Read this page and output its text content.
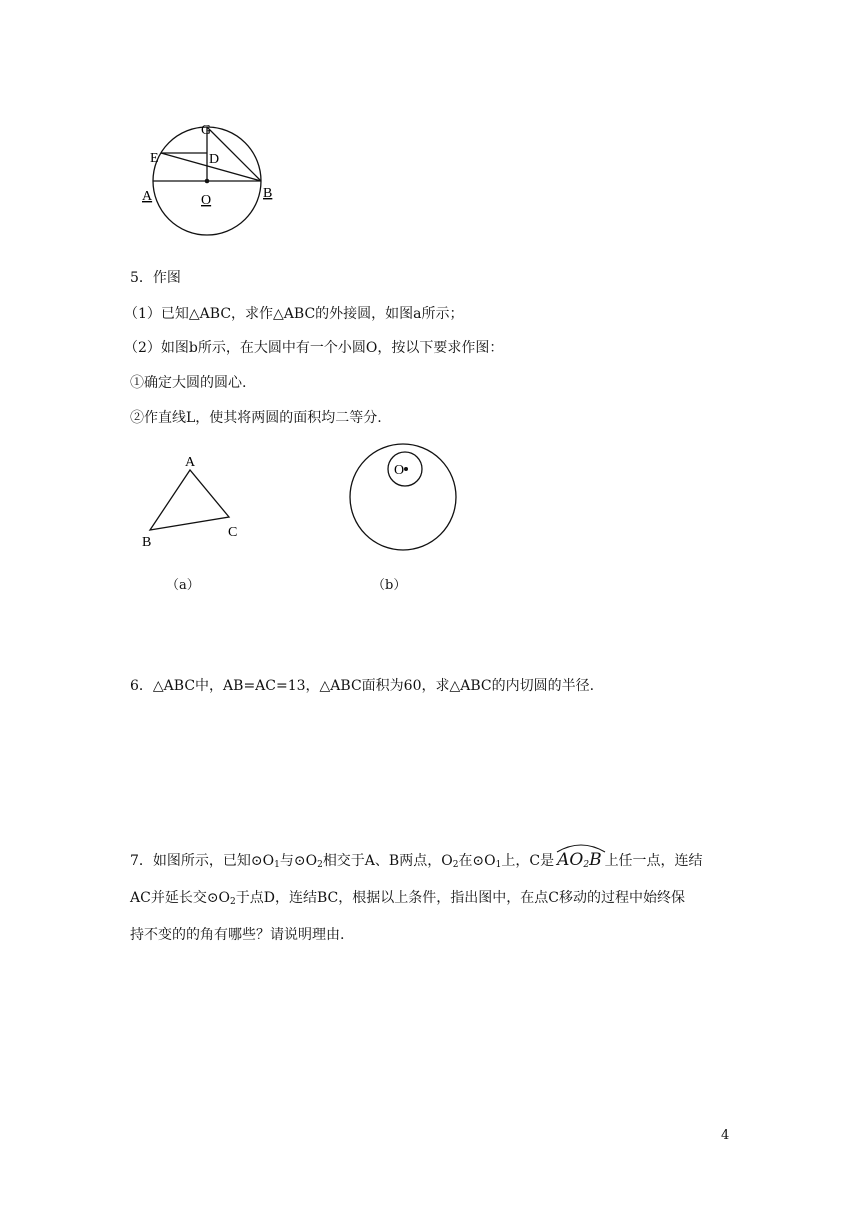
G
E	D
A	O	B
5．作图
（1）已知△ABC，求作△ABC的外接圆，如图a所示；
（2）如图b所示，在大圆中有一个小圆O，按以下要求作图：
①确定大圆的圆心.
②作直线L，使其将两圆的面积均二等分.
A
B
C
（a）
O
（b）
6．△ABC中，AB=AC=13，△ABC面积为60，求△ABC的内切圆的半径.
7．如图所示，已知$⊙O_1$与$⊙O_2$相交于A、B两点，$O_2$在$⊙O_1$上，C是 $AO_2B$ 上任一点，连结
AC并延长交$⊙O_2$于点D，连结BC，根据以上条件，指出图中，在点C移动的过程中始终保
持不变的的角有哪些？请说明理由.
4
